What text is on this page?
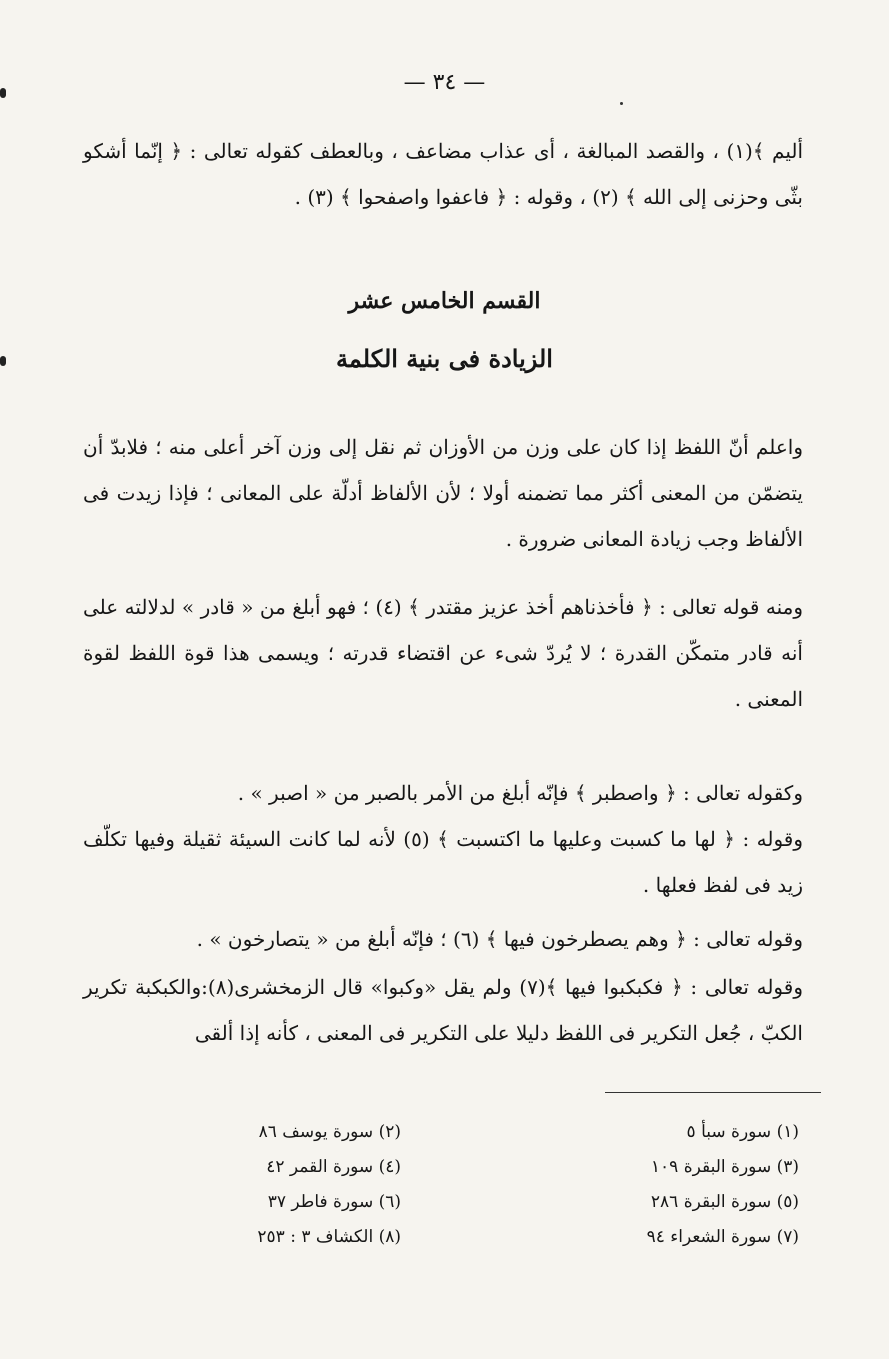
— ٣٤ —

أليم ﴾(١) ، والقصد المبالغة ، أى عذاب مضاعف ، وبالعطف كقوله تعالى : ﴿ إنّما أشكو بثّى وحزنى إلى الله ﴾ (٢) ، وقوله : ﴿ فاعفوا واصفحوا ﴾ (٣) .

القسم الخامس عشر
الزيادة فى بنية الكلمة

واعلم أنّ اللفظ إذا كان على وزن من الأوزان ثم نقل إلى وزن آخر أعلى منه ؛ فلابدّ أن يتضمّن من المعنى أكثر مما تضمنه أولا ؛ لأن الألفاظ أدلّة على المعانى ؛ فإذا زيدت فى الألفاظ وجب زيادة المعانى ضرورة .

ومنه قوله تعالى : ﴿ فأخذناهم أخذ عزيز مقتدر ﴾ (٤) ؛ فهو أبلغ من « قادر » لدلالته على أنه قادر متمكّن القدرة ؛ لا يُردّ شىء عن اقتضاء قدرته ؛ ويسمى هذا قوة اللفظ لقوة المعنى .

وكقوله تعالى : ﴿ واصطبر ﴾ فإنّه أبلغ من الأمر بالصبر من « اصبر » .

وقوله : ﴿ لها ما كسبت وعليها ما اكتسبت ﴾ (٥) لأنه لما كانت السيئة ثقيلة وفيها تكلّف زيد فى لفظ فعلها .

وقوله تعالى : ﴿ وهم يصطرخون فيها ﴾ (٦) ؛ فإنّه أبلغ من « يتصارخون » .

وقوله تعالى : ﴿ فكبكبوا فيها ﴾(٧) ولم يقل «وكبوا» قال الزمخشرى(٨):والكبكبة تكرير الكبّ ، جُعل التكرير فى اللفظ دليلا على التكرير فى المعنى ، كأنه إذا ألقى

(١) سورة سبأ ٥
(٢) سورة يوسف ٨٦
(٣) سورة البقرة ١٠٩
(٤) سورة القمر ٤٢
(٥) سورة البقرة ٢٨٦
(٦) سورة فاطر ٣٧
(٧) سورة الشعراء ٩٤
(٨) الكشاف ٣ : ٢٥٣
